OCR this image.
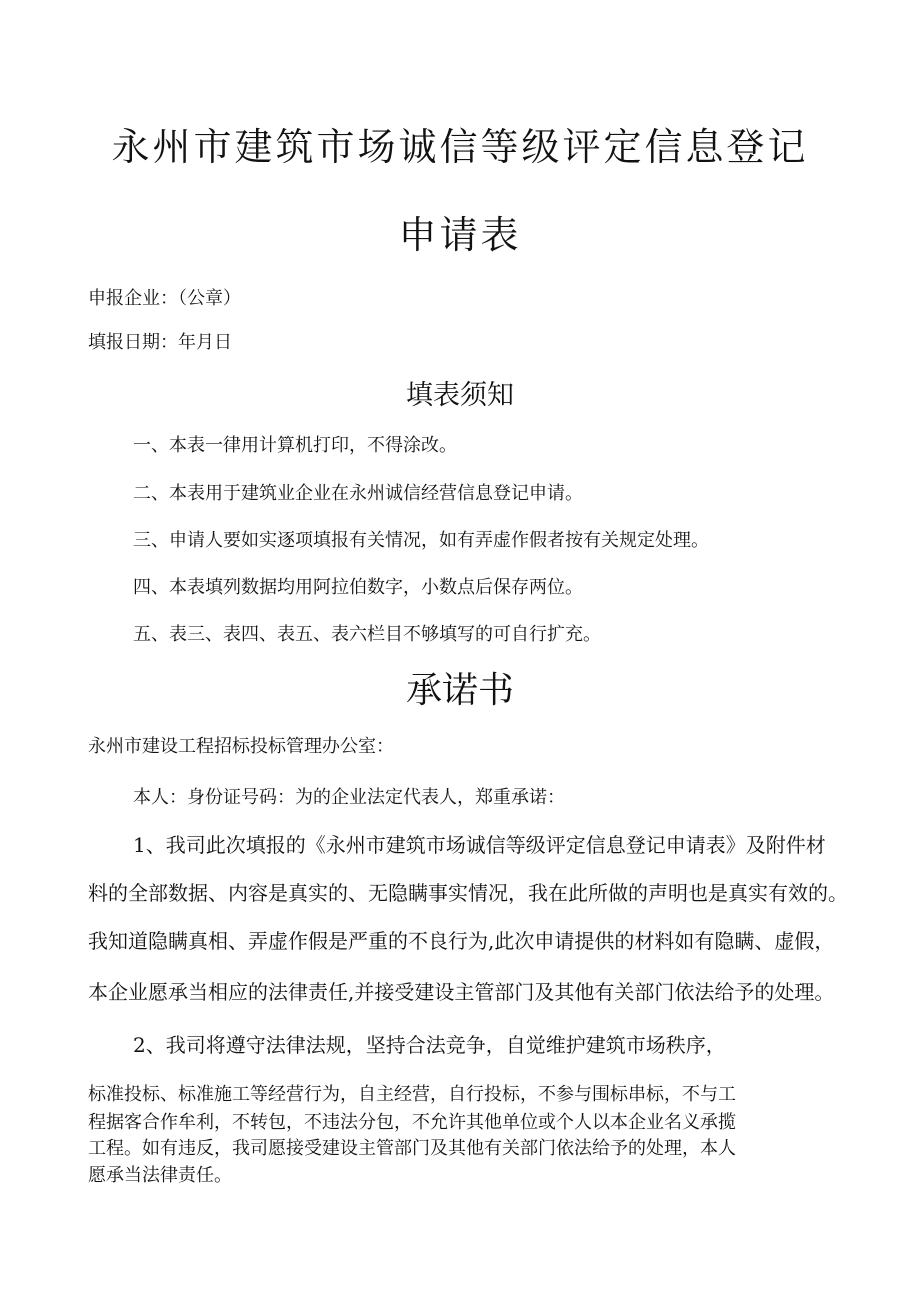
永州市建筑市场诚信等级评定信息登记
申请表
申报企业：（公章）
填报日期：年月日
填表须知
一、本表一律用计算机打印，不得涂改。
二、本表用于建筑业企业在永州诚信经营信息登记申请。
三、申请人要如实逐项填报有关情况，如有弄虚作假者按有关规定处理。
四、本表填列数据均用阿拉伯数字，小数点后保存两位。
五、表三、表四、表五、表六栏目不够填写的可自行扩充。
承诺书
永州市建设工程招标投标管理办公室：
本人：身份证号码：为的企业法定代表人，郑重承诺：
1、我司此次填报的《永州市建筑市场诚信等级评定信息登记申请表》及附件材
料的全部数据、内容是真实的、无隐瞒事实情况，我在此所做的声明也是真实有效的。
我知道隐瞒真相、弄虚作假是严重的不良行为,此次申请提供的材料如有隐瞒、虚假，
本企业愿承当相应的法律责任,并接受建设主管部门及其他有关部门依法给予的处理。
2、我司将遵守法律法规，坚持合法竞争，自觉维护建筑市场秩序，
标准投标、标准施工等经营行为，自主经营，自行投标，不参与围标串标，不与工
程据客合作牟利，不转包，不违法分包，不允许其他单位或个人以本企业名义承揽
工程。如有违反，我司愿接受建设主管部门及其他有关部门依法给予的处理，本人
愿承当法律责任。
